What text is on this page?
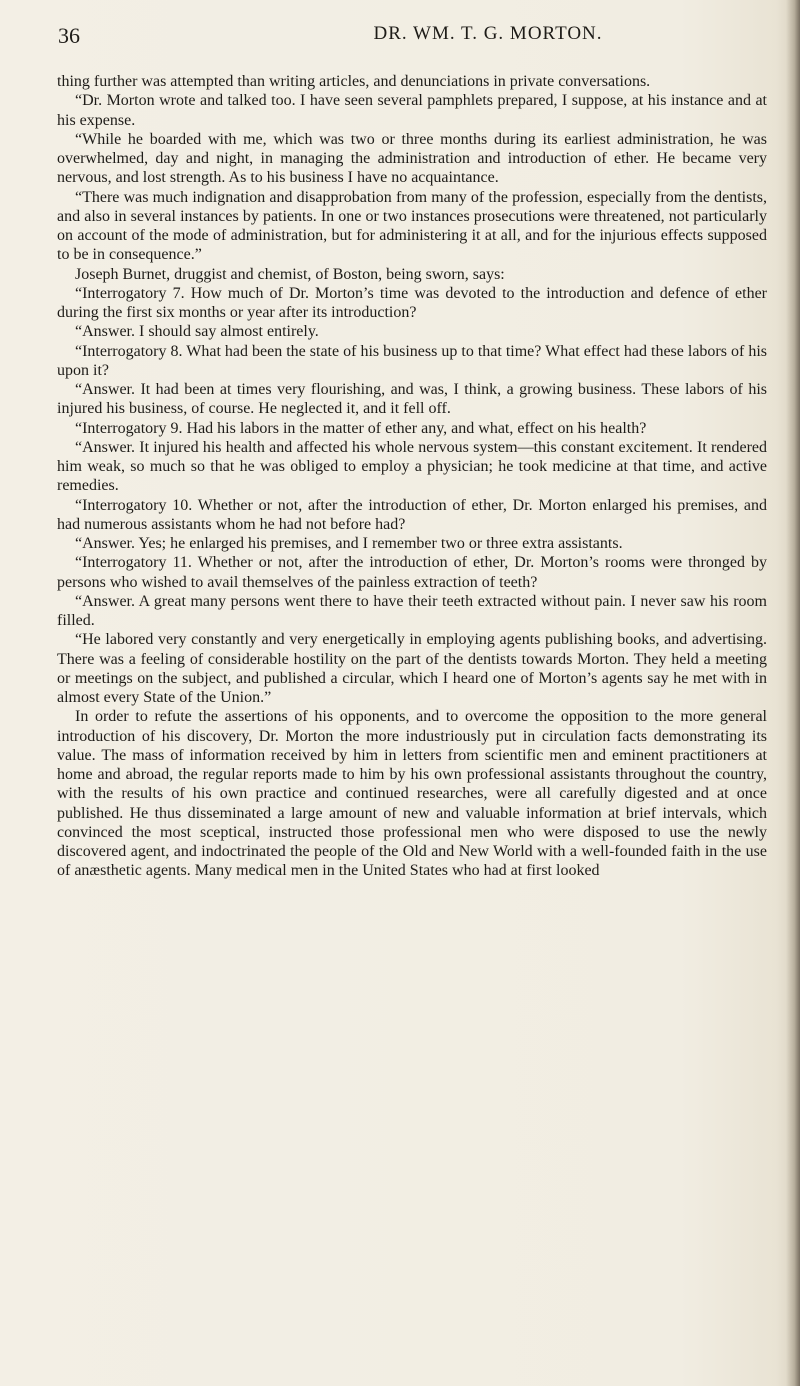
36	DR. WM. T. G. MORTON.

thing further was attempted than writing articles, and denunciations in private conversations.

“Dr. Morton wrote and talked too. I have seen several pamphlets prepared, I suppose, at his instance and at his expense.

“While he boarded with me, which was two or three months during its earliest administration, he was overwhelmed, day and night, in managing the administration and introduction of ether. He became very nervous, and lost strength. As to his business I have no acquaintance.

“There was much indignation and disapprobation from many of the profession, especially from the dentists, and also in several instances by patients. In one or two instances prosecutions were threatened, not particularly on account of the mode of administration, but for administering it at all, and for the injurious effects supposed to be in consequence.”

Joseph Burnet, druggist and chemist, of Boston, being sworn, says:

“Interrogatory 7. How much of Dr. Morton’s time was devoted to the introduction and defence of ether during the first six months or year after its introduction?

“Answer. I should say almost entirely.

“Interrogatory 8. What had been the state of his business up to that time? What effect had these labors of his upon it?

“Answer. It had been at times very flourishing, and was, I think, a growing business. These labors of his injured his business, of course. He neglected it, and it fell off.

“Interrogatory 9. Had his labors in the matter of ether any, and what, effect on his health?

“Answer. It injured his health and affected his whole nervous system—this constant excitement. It rendered him weak, so much so that he was obliged to employ a physician; he took medicine at that time, and active remedies.

“Interrogatory 10. Whether or not, after the introduction of ether, Dr. Morton enlarged his premises, and had numerous assistants whom he had not before had?

“Answer. Yes; he enlarged his premises, and I remember two or three extra assistants.

“Interrogatory 11. Whether or not, after the introduction of ether, Dr. Morton’s rooms were thronged by persons who wished to avail themselves of the painless extraction of teeth?

“Answer. A great many persons went there to have their teeth extracted without pain. I never saw his room filled.

“He labored very constantly and very energetically in employing agents publishing books, and advertising. There was a feeling of considerable hostility on the part of the dentists towards Morton. They held a meeting or meetings on the subject, and published a circular, which I heard one of Morton’s agents say he met with in almost every State of the Union.”

In order to refute the assertions of his opponents, and to overcome the opposition to the more general introduction of his discovery, Dr. Morton the more industriously put in circulation facts demonstrating its value. The mass of information received by him in letters from scientific men and eminent practitioners at home and abroad, the regular reports made to him by his own professional assistants throughout the country, with the results of his own practice and continued researches, were all carefully digested and at once published. He thus disseminated a large amount of new and valuable information at brief intervals, which convinced the most sceptical, instructed those professional men who were disposed to use the newly discovered agent, and indoctrinated the people of the Old and New World with a well-founded faith in the use of anæsthetic agents. Many medical men in the United States who had at first looked
